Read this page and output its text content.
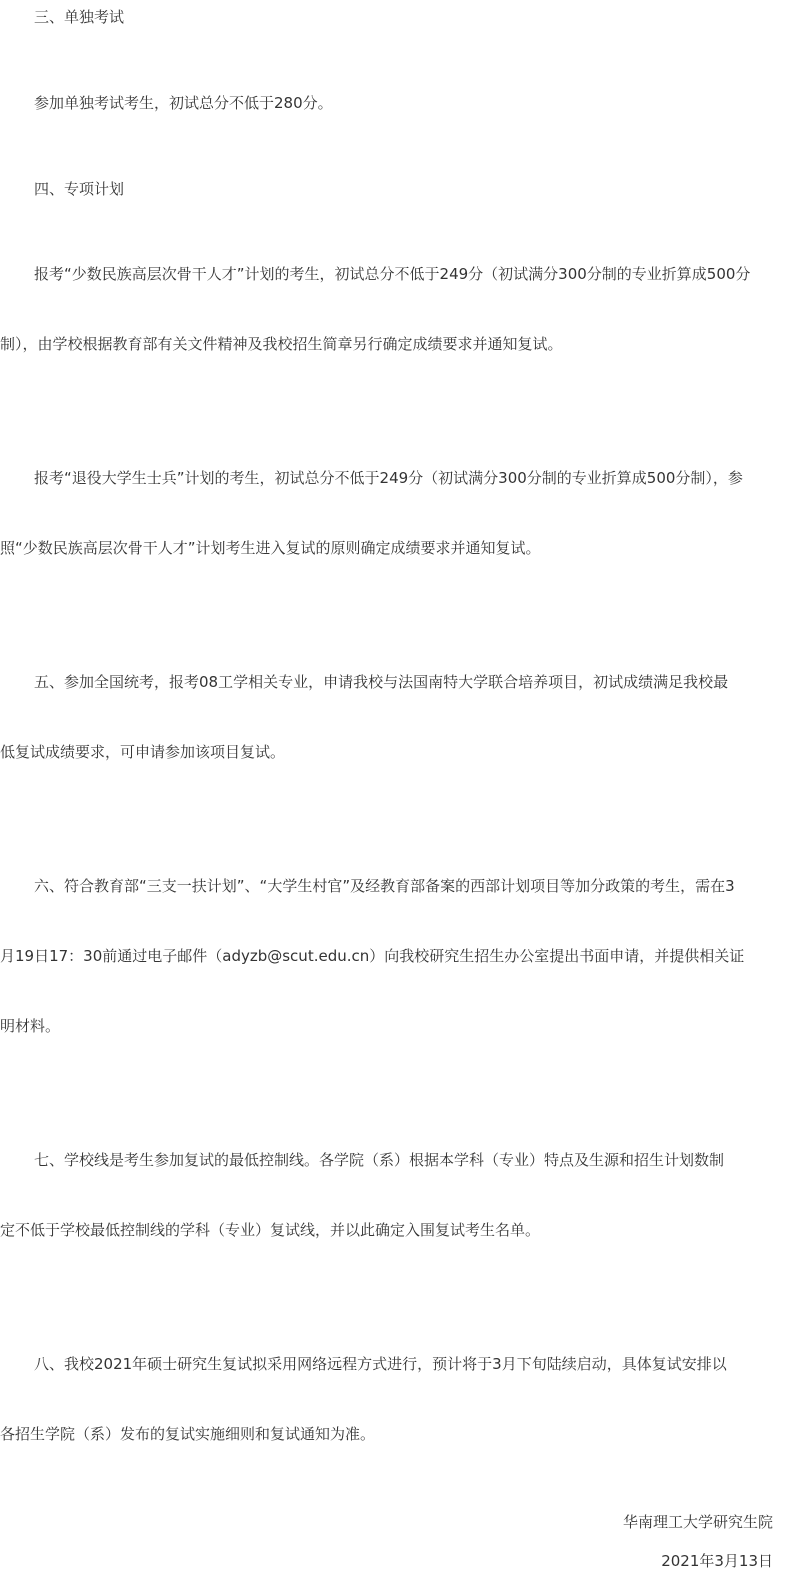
三、单独考试

参加单独考试考生，初试总分不低于280分。

四、专项计划

报考“少数民族高层次骨干人才”计划的考生，初试总分不低于249分（初试满分300分制的专业折算成500分

制），由学校根据教育部有关文件精神及我校招生简章另行确定成绩要求并通知复试。

报考“退役大学生士兵”计划的考生，初试总分不低于249分（初试满分300分制的专业折算成500分制），参

照“少数民族高层次骨干人才”计划考生进入复试的原则确定成绩要求并通知复试。

五、参加全国统考，报考08工学相关专业，申请我校与法国南特大学联合培养项目，初试成绩满足我校最

低复试成绩要求，可申请参加该项目复试。

六、符合教育部“三支一扶计划”、“大学生村官”及经教育部备案的西部计划项目等加分政策的考生，需在3

月19日17：30前通过电子邮件（adyzb@scut.edu.cn）向我校研究生招生办公室提出书面申请，并提供相关证

明材料。

七、学校线是考生参加复试的最低控制线。各学院（系）根据本学科（专业）特点及生源和招生计划数制

定不低于学校最低控制线的学科（专业）复试线，并以此确定入围复试考生名单。

八、我校2021年硕士研究生复试拟采用网络远程方式进行，预计将于3月下旬陆续启动，具体复试安排以

各招生学院（系）发布的复试实施细则和复试通知为准。

华南理工大学研究生院

2021年3月13日
